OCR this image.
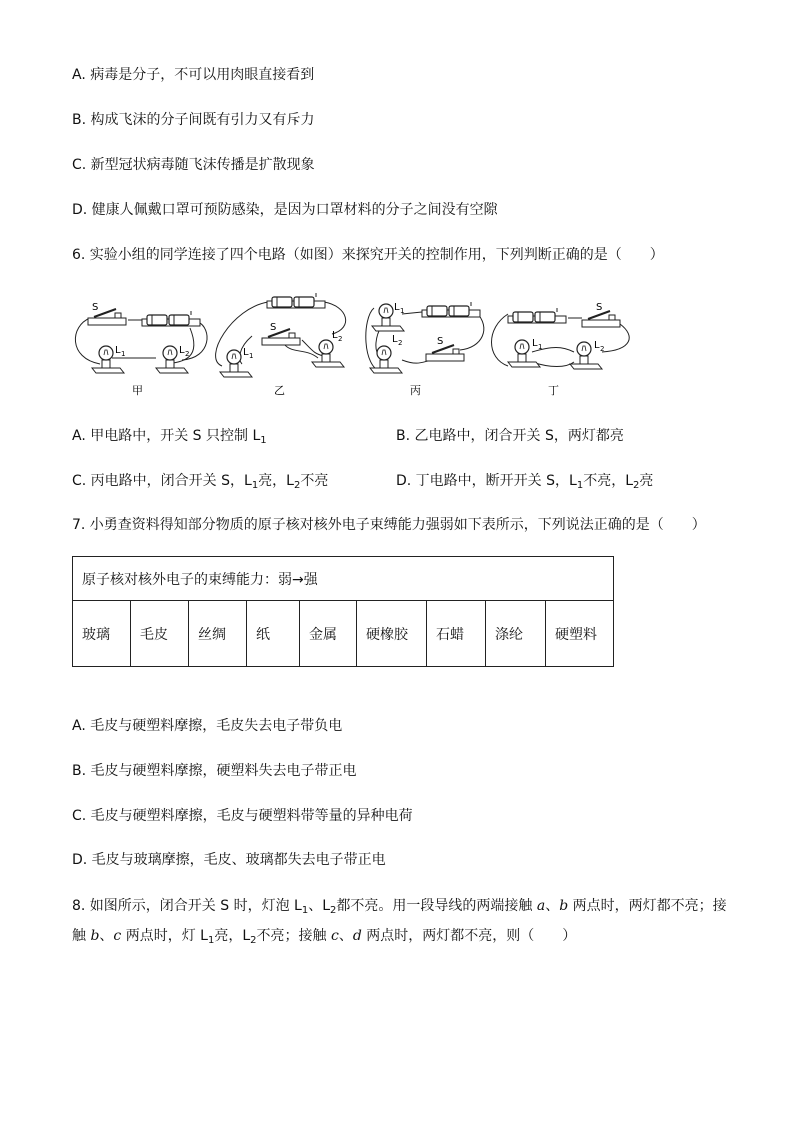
A. 病毒是分子，不可以用肉眼直接看到
B. 构成飞沫的分子间既有引力又有斥力
C. 新型冠状病毒随飞沫传播是扩散现象
D. 健康人佩戴口罩可预防感染，是因为口罩材料的分子之间没有空隙
6. 实验小组的同学连接了四个电路（如图）来探究开关的控制作用，下列判断正确的是（　　）
S
L 1	L 2
甲
S
L 1
L 2
乙
L 1
L 2	S
丙
S
L 1	L 2
丁
A. 甲电路中，开关 S 只控制 $L_1$	B. 乙电路中，闭合开关 S，两灯都亮
C. 丙电路中，闭合开关 S，$L_1$亮，$L_2$不亮	D. 丁电路中，断开开关 S，$L_1$不亮，$L_2$亮
7. 小勇查资料得知部分物质的原子核对核外电子束缚能力强弱如下表所示，下列说法正确的是（　　）
原子核对核外电子的束缚能力：弱→强
玻璃	毛皮	丝绸	纸	金属	硬橡胶	石蜡	涤纶	硬塑料
A. 毛皮与硬塑料摩擦，毛皮失去电子带负电
B. 毛皮与硬塑料摩擦，硬塑料失去电子带正电
C. 毛皮与硬塑料摩擦，毛皮与硬塑料带等量的异种电荷
D. 毛皮与玻璃摩擦，毛皮、玻璃都失去电子带正电
8. 如图所示，闭合开关 S 时，灯泡 $L_1$、$L_2$都不亮。用一段导线的两端接触 a、b 两点时，两灯都不亮；接
触 b、c 两点时，灯 $L_1$亮，$L_2$不亮；接触 c、d 两点时，两灯都不亮，则（　　）
